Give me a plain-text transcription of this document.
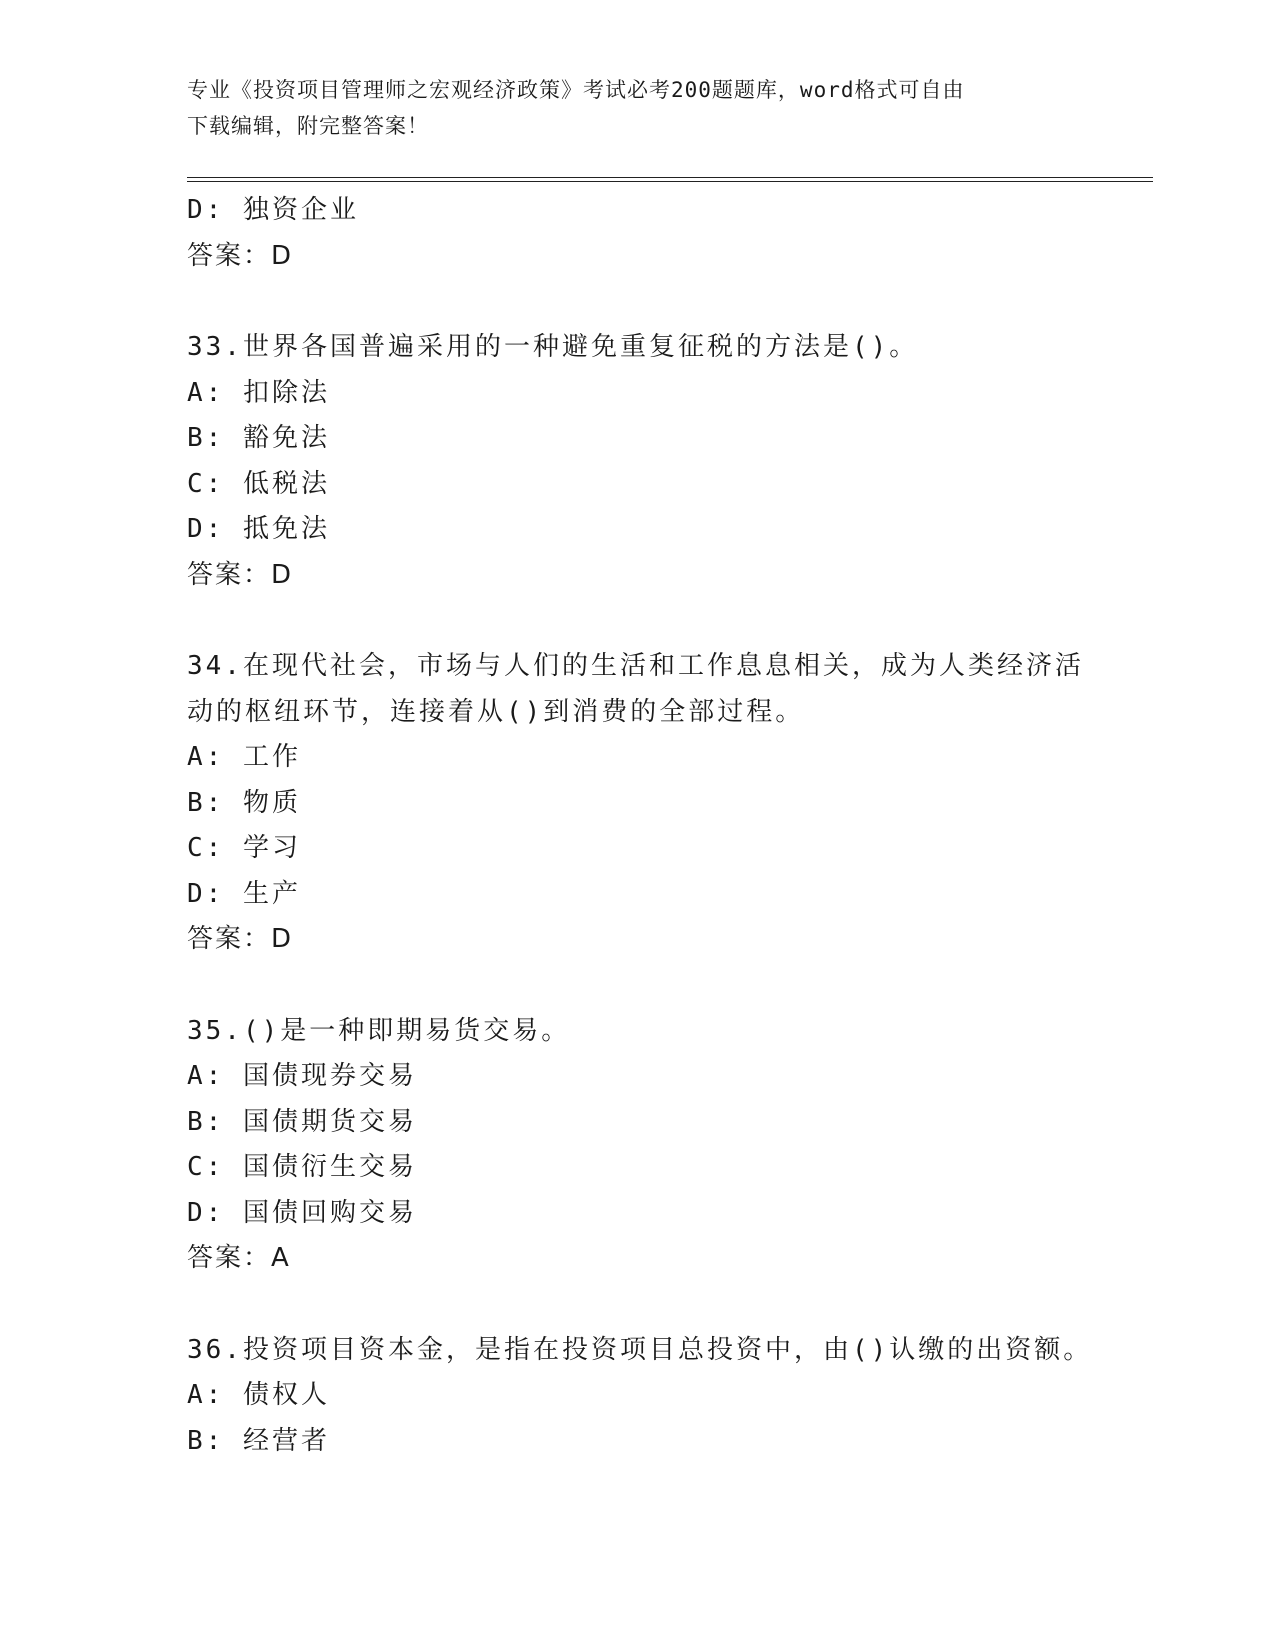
专业《投资项目管理师之宏观经济政策》考试必考200题题库，word格式可自由
下载编辑，附完整答案！
D: 独资企业
答案：D
33.世界各国普遍采用的一种避免重复征税的方法是()。
A: 扣除法
B: 豁免法
C: 低税法
D: 抵免法
答案：D
34.在现代社会，市场与人们的生活和工作息息相关，成为人类经济活
动的枢纽环节，连接着从()到消费的全部过程。
A: 工作
B: 物质
C: 学习
D: 生产
答案：D
35.()是一种即期易货交易。
A: 国债现券交易
B: 国债期货交易
C: 国债衍生交易
D: 国债回购交易
答案：A
36.投资项目资本金，是指在投资项目总投资中，由()认缴的出资额。
A: 债权人
B: 经营者
